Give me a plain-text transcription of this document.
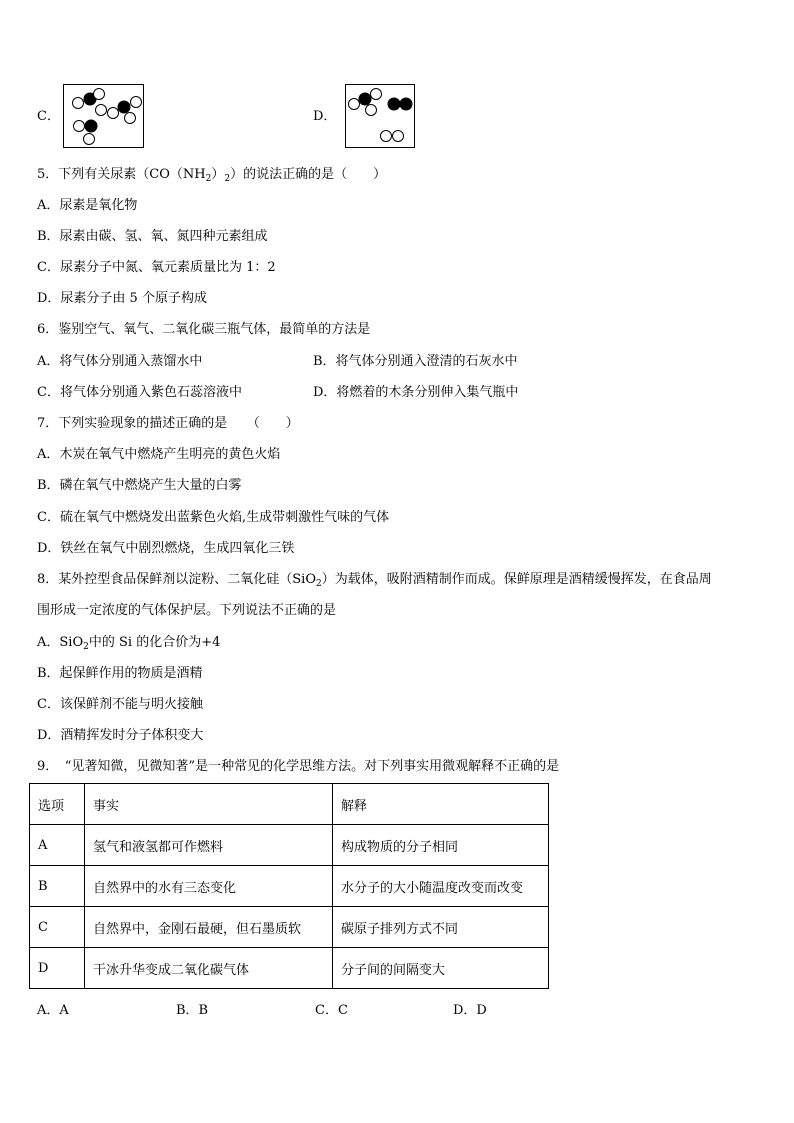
C．	D．
5．下列有关尿素$(CO(NH_2)_2)$的说法正确的是（　　）
A．尿素是氧化物
B．尿素由碳、氢、氧、氮四种元素组成
C．尿素分子中氮、氧元素质量比为 1：2
D．尿素分子由 5 个原子构成
6．鉴别空气、氧气、二氧化碳三瓶气体，最简单的方法是
A．将气体分别通入蒸馏水中	B．将气体分别通入澄清的石灰水中
C．将气体分别通入紫色石蕊溶液中	D．将燃着的木条分别伸入集气瓶中
7．下列实验现象的描述正确的是　　（　　）
A．木炭在氧气中燃烧产生明亮的黄色火焰
B．磷在氧气中燃烧产生大量的白雾
C．硫在氧气中燃烧发出蓝紫色火焰,生成带刺激性气味的气体
D．铁丝在氧气中剧烈燃烧，生成四氧化三铁
8．某外控型食品保鲜剂以淀粉、二氧化硅（SiO$_2$）为载体，吸附酒精制作而成。保鲜原理是酒精缓慢挥发，在食品周
围形成一定浓度的气体保护层。下列说法不正确的是
A．SiO$_2$中的 Si 的化合价为+4
B．起保鲜作用的物质是酒精
C．该保鲜剂不能与明火接触
D．酒精挥发时分子体积变大
9．　“见著知微，见微知著”是一种常见的化学思维方法。对下列事实用微观解释不正确的是
选项	事实	解释
A	氢气和液氢都可作燃料	构成物质的分子相同
B	自然界中的水有三态变化	水分子的大小随温度改变而改变
C	自然界中，金刚石最硬，但石墨质软	碳原子排列方式不同
D	干冰升华变成二氧化碳气体	分子间的间隔变大
A．A	B．B	C．C	D．D
